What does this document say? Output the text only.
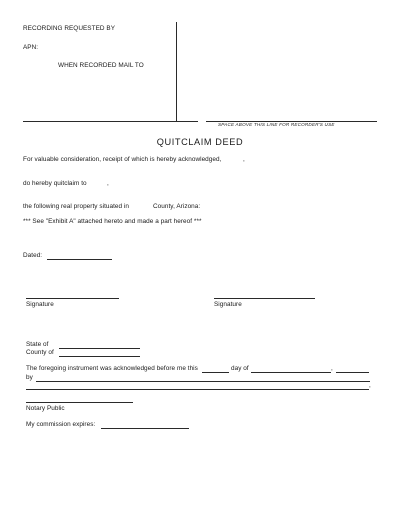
RECORDING REQUESTED BY
APN:
WHEN RECORDED MAIL TO
SPACE ABOVE THIS LINE FOR RECORDER'S USE
QUITCLAIM DEED
For valuable consideration, receipt of which is hereby acknowledged,	,
do hereby quitclaim to	,
the following real property situated in	County, Arizona:
*** See "Exhibit A" attached hereto and made a part hereof ***
Dated:
Signature	Signature
State of
County of
The foregoing instrument was acknowledged before me this	day of	,
by
,
Notary Public
My commission expires:
